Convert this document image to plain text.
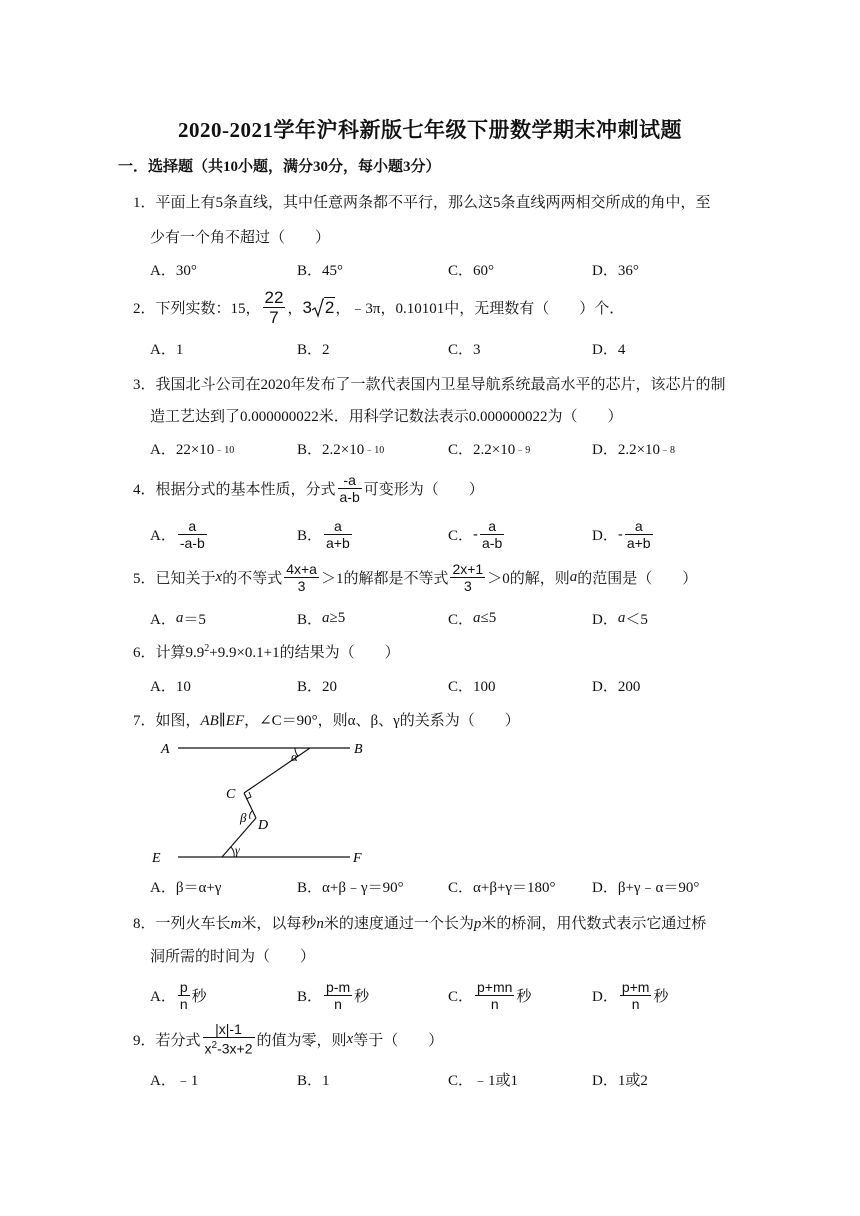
2020-2021学年沪科新版七年级下册数学期末冲刺试题
一．选择题（共10小题，满分30分，每小题3分）
1．平面上有5条直线，其中任意两条都不平行，那么这5条直线两两相交所成的角中，至
少有一个角不超过（　　）
A．30°	B．45°	C．60°	D．36°
2．下列实数：15， $\frac{22}{7}$ ， 3 2 ，﹣3π，0.10101中，无理数有（　　）个．
A．1	B．2	C．3	D．4
3．我国北斗公司在2020年发布了一款代表国内卫星导航系统最高水平的芯片，该芯片的制
造工艺达到了0.000000022米．用科学记数法表示0.000000022为（　　）
A．22×10 ﹣10	B．2.2×10 ﹣10	C．2.2×10 ﹣9	D．2.2×10 ﹣8
4．根据分式的基本性质，分式 $\frac{-a}{a-b}$ 可变形为（　　）
A． $\frac{a}{-a-b}$	B． $\frac{a}{a+b}$	C． - $\frac{a}{a-b}$	D． - $\frac{a}{a+b}$
5．已知关于 x 的不等式 $\frac{4x+a}{3} >1$的解都是不等式 $\frac{2x+1}{3} >0$的解，则 a 的范围是（　　）
A． a ＝5	B． a ≥5	C． a ≤5	D． a ＜5
6．计算$9.9^2+9.9\times 0.1+1$的结果为（　　）
A．10	B．20	C．100	D．200
7．如图，AB∥EF，∠C＝90°，则α、β、γ的关系为（　　）
A	B
C
D
E	F
α
β
γ
A．β＝α+γ	B．α+β﹣γ＝90°	C．α+β+γ＝180° D．β+γ﹣α＝90°
8．一列火车长m米，以每秒n米的速度通过一个长为p米的桥洞，用代数式表示它通过桥
洞所需的时间为（　　）
A． $\frac{p}{n}$ 秒	B． $\frac{p-m}{n}$ 秒	C． $\frac{p+mn}{n}$ 秒	D． $\frac{p+m}{n}$ 秒
9．若分式 $\frac{|x|-1}{x^2-3x+2}$ 的值为零，则 x 等于（　　）
A．﹣1	B．1	C．﹣1或1	D．1或2
